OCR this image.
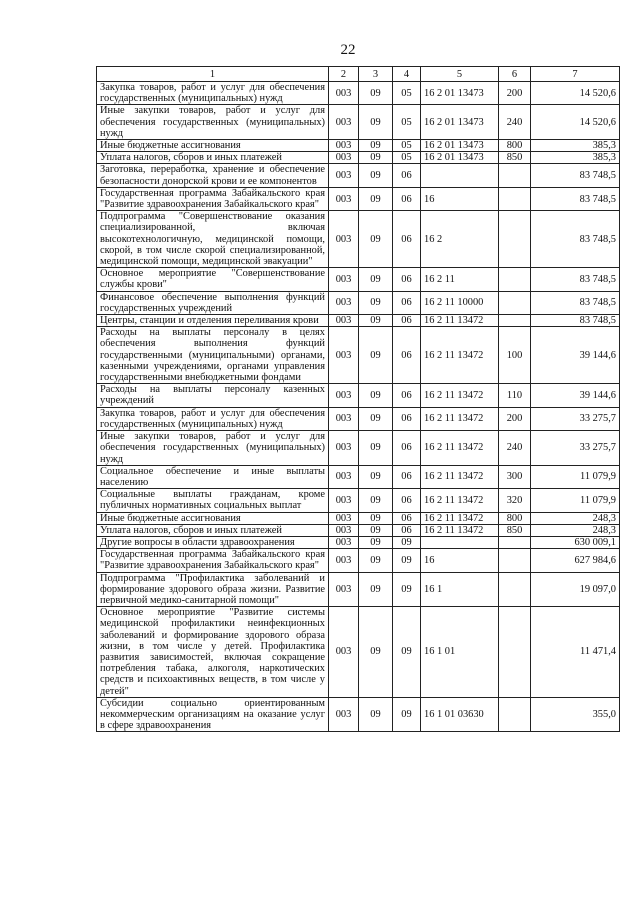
22
1	2	3	4	5	6	7
Закупка товаров, работ и услуг для обеспечения государственных (муниципальных) нужд	003	09	05	16 2 01 13473	200	14 520,6
Иные закупки товаров, работ и услуг для обеспечения государственных (муниципальных) нужд	003	09	05	16 2 01 13473	240	14 520,6
Иные бюджетные ассигнования	003	09	05	16 2 01 13473	800	385,3
Уплата налогов, сборов и иных платежей	003	09	05	16 2 01 13473	850	385,3
Заготовка, переработка, хранение и обеспечение безопасности донорской крови и ее компонентов	003	09	06			83 748,5
Государственная программа Забайкальского края "Развитие здравоохранения Забайкальского края"	003	09	06	16		83 748,5
Подпрограмма "Совершенствование оказания специализированной, включая высокотехнологичную, медицинской помощи, скорой, в том числе скорой специализированной, медицинской помощи, медицинской эвакуации"	003	09	06	16 2		83 748,5
Основное мероприятие "Совершенствование службы крови"	003	09	06	16 2 11		83 748,5
Финансовое обеспечение выполнения функций государственных учреждений	003	09	06	16 2 11 10000		83 748,5
Центры, станции и отделения переливания крови	003	09	06	16 2 11 13472		83 748,5
Расходы на выплаты персоналу в целях обеспечения выполнения функций государственными (муниципальными) органами, казенными учреждениями, органами управления государственными внебюджетными фондами	003	09	06	16 2 11 13472	100	39 144,6
Расходы на выплаты персоналу казенных учреждений	003	09	06	16 2 11 13472	110	39 144,6
Закупка товаров, работ и услуг для обеспечения государственных (муниципальных) нужд	003	09	06	16 2 11 13472	200	33 275,7
Иные закупки товаров, работ и услуг для обеспечения государственных (муниципальных) нужд	003	09	06	16 2 11 13472	240	33 275,7
Социальное обеспечение и иные выплаты населению	003	09	06	16 2 11 13472	300	11 079,9
Социальные выплаты гражданам, кроме публичных нормативных социальных выплат	003	09	06	16 2 11 13472	320	11 079,9
Иные бюджетные ассигнования	003	09	06	16 2 11 13472	800	248,3
Уплата налогов, сборов и иных платежей	003	09	06	16 2 11 13472	850	248,3
Другие вопросы в области здравоохранения	003	09	09			630 009,1
Государственная программа Забайкальского края "Развитие здравоохранения Забайкальского края"	003	09	09	16		627 984,6
Подпрограмма "Профилактика заболеваний и формирование здорового образа жизни. Развитие первичной медико-санитарной помощи"	003	09	09	16 1		19 097,0
Основное мероприятие "Развитие системы медицинской профилактики неинфекционных заболеваний и формирование здорового образа жизни, в том числе у детей. Профилактика развития зависимостей, включая сокращение потребления табака, алкоголя, наркотических средств и психоактивных веществ, в том числе у детей"	003	09	09	16 1 01		11 471,4
Субсидии социально ориентированным некоммерческим организациям на оказание услуг в сфере здравоохранения	003	09	09	16 1 01 03630		355,0
